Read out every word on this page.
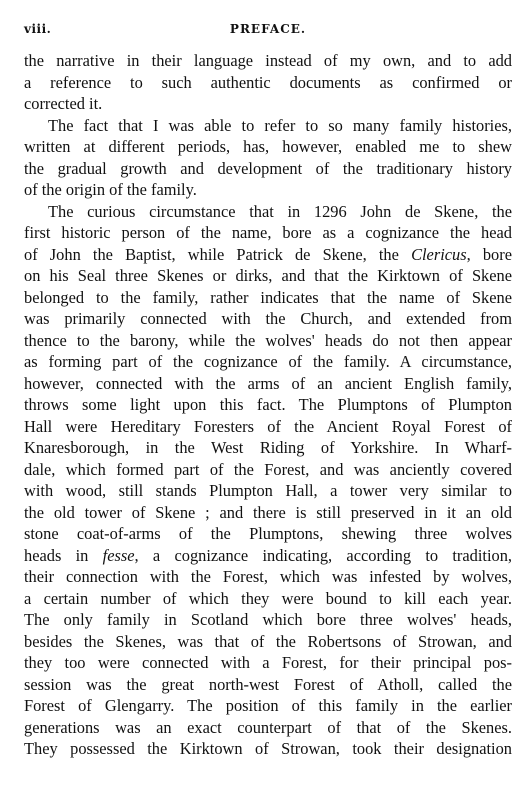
viii.	PREFACE.
the narrative in their language instead of my own, and to add
a reference to such authentic documents as confirmed or
corrected it.
The fact that I was able to refer to so many family histories,
written at different periods, has, however, enabled me to shew
the gradual growth and development of the traditionary history
of the origin of the family.
The curious circumstance that in 1296 John de Skene, the
first historic person of the name, bore as a cognizance the head
of John the Baptist, while Patrick de Skene, the Clericus, bore
on his Seal three Skenes or dirks, and that the Kirktown of Skene
belonged to the family, rather indicates that the name of Skene
was primarily connected with the Church, and extended from
thence to the barony, while the wolves' heads do not then appear
as forming part of the cognizance of the family. A circumstance,
however, connected with the arms of an ancient English family,
throws some light upon this fact. The Plumptons of Plumpton
Hall were Hereditary Foresters of the Ancient Royal Forest of
Knaresborough, in the West Riding of Yorkshire. In Wharf-
dale, which formed part of the Forest, and was anciently covered
with wood, still stands Plumpton Hall, a tower very similar to
the old tower of Skene ; and there is still preserved in it an old
stone coat-of-arms of the Plumptons, shewing three wolves
heads in fesse, a cognizance indicating, according to tradition,
their connection with the Forest, which was infested by wolves,
a certain number of which they were bound to kill each year.
The only family in Scotland which bore three wolves' heads,
besides the Skenes, was that of the Robertsons of Strowan, and
they too were connected with a Forest, for their principal pos-
session was the great north-west Forest of Atholl, called the
Forest of Glengarry. The position of this family in the earlier
generations was an exact counterpart of that of the Skenes.
They possessed the Kirktown of Strowan, took their designation
